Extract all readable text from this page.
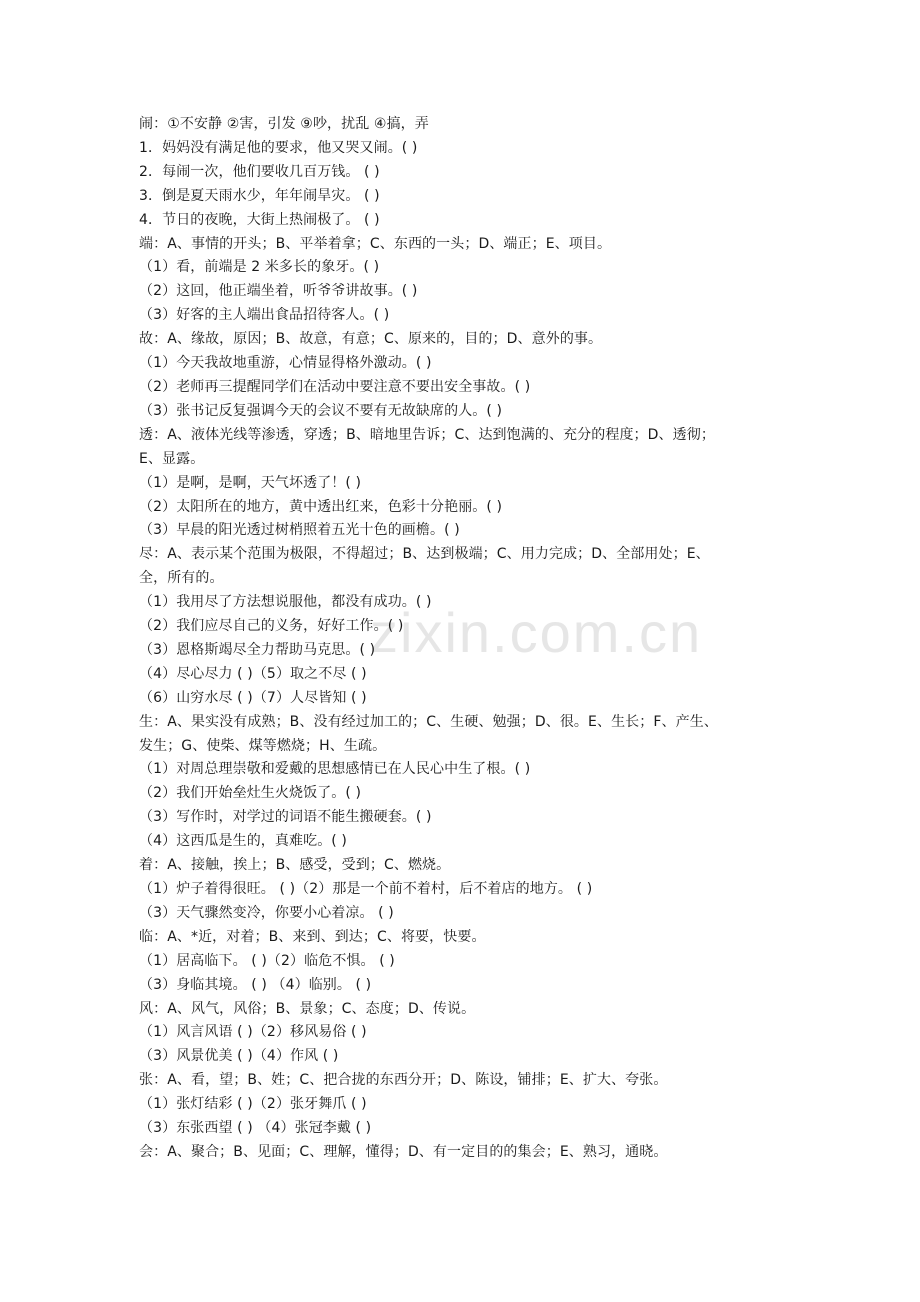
zixin.com.cn
闹：①不安静 ②害，引发 ⑨吵，扰乱 ④搞，弄
1．妈妈没有满足他的要求，他又哭又闹。( )
2．每闹一次，他们要收几百万钱。 ( )
3．倒是夏天雨水少，年年闹旱灾。 ( )
4．节日的夜晚，大街上热闹极了。 ( )
端：A、事情的开头；B、平举着拿；C、东西的一头；D、端正；E、项目。
（1）看，前端是 2 米多长的象牙。( )
（2）这回，他正端坐着，听爷爷讲故事。( )
（3）好客的主人端出食品招待客人。( )
故：A、缘故，原因；B、故意，有意；C、原来的，目的；D、意外的事。
（1）今天我故地重游，心情显得格外激动。( )
（2）老师再三提醒同学们在活动中要注意不要出安全事故。( )
（3）张书记反复强调今天的会议不要有无故缺席的人。( )
透：A、液体光线等渗透，穿透；B、暗地里告诉；C、达到饱满的、充分的程度；D、透彻；
E、显露。
（1）是啊，是啊，天气坏透了！( )
（2）太阳所在的地方，黄中透出红来，色彩十分艳丽。( )
（3）早晨的阳光透过树梢照着五光十色的画檐。( )
尽：A、表示某个范围为极限，不得超过；B、达到极端；C、用力完成；D、全部用处；E、
全，所有的。
（1）我用尽了方法想说服他，都没有成功。( )
（2）我们应尽自己的义务，好好工作。( )
（3）恩格斯竭尽全力帮助马克思。( )
（4）尽心尽力 ( )（5）取之不尽 ( )
（6）山穷水尽 ( )（7）人尽皆知 ( )
生：A、果实没有成熟；B、没有经过加工的；C、生硬、勉强；D、很。E、生长；F、产生、
发生；G、使柴、煤等燃烧；H、生疏。
（1）对周总理崇敬和爱戴的思想感情已在人民心中生了根。( )
（2）我们开始垒灶生火烧饭了。( )
（3）写作时，对学过的词语不能生搬硬套。( )
（4）这西瓜是生的，真难吃。( )
着：A、接触，挨上；B、感受，受到；C、燃烧。
（1）炉子着得很旺。 ( )（2）那是一个前不着村，后不着店的地方。 ( )
（3）天气骤然变冷，你要小心着凉。 ( )
临：A、*近，对着；B、来到、到达；C、将要，快要。
（1）居高临下。 ( )（2）临危不惧。 ( )
（3）身临其境。 ( ) （4）临别。 ( )
风：A、风气，风俗；B、景象；C、态度；D、传说。
（1）风言风语 ( )（2）移风易俗 ( )
（3）风景优美 ( )（4）作风 ( )
张：A、看，望；B、姓；C、把合拢的东西分开；D、陈设，铺排；E、扩大、夸张。
（1）张灯结彩 ( )（2）张牙舞爪 ( )
（3）东张西望 ( ) （4）张冠李戴 ( )
会：A、聚合；B、见面；C、理解，懂得；D、有一定目的的集会；E、熟习，通晓。
